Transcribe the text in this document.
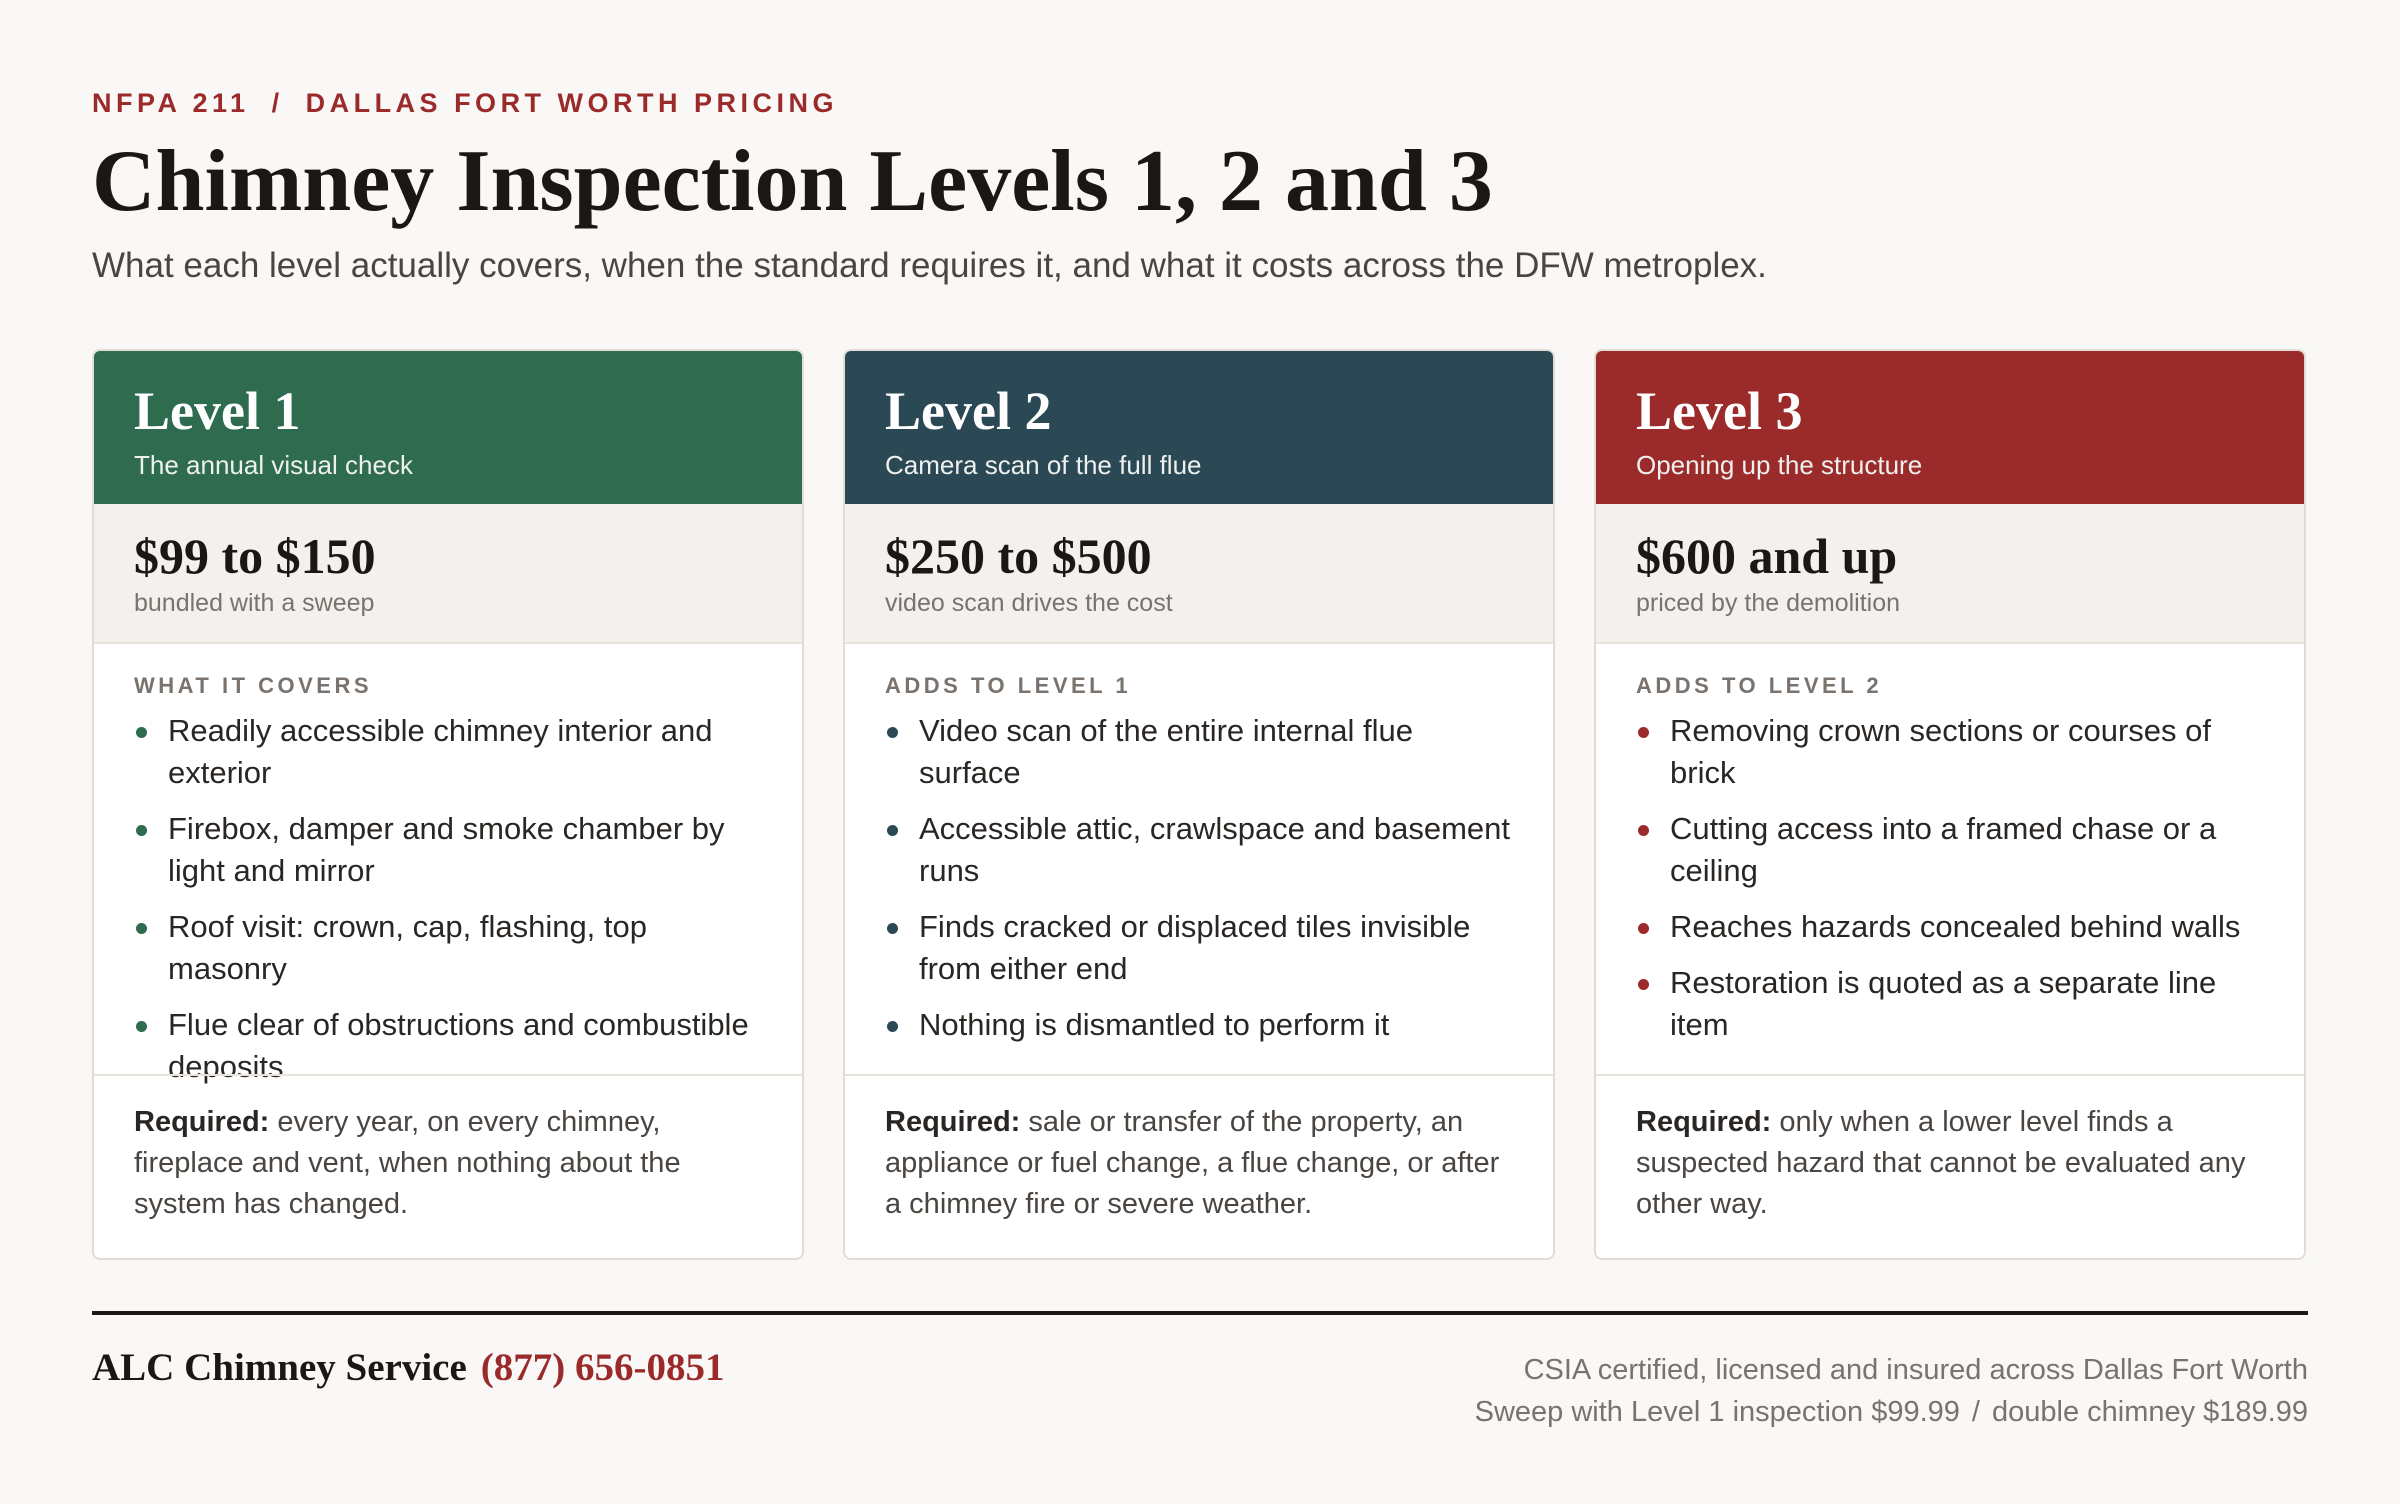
NFPA 211 / DALLAS FORT WORTH PRICING
Chimney Inspection Levels 1, 2 and 3

What each level actually covers, when the standard requires it, and what it costs across the DFW metroplex.

Level 1
The annual visual check
$99 to $150
bundled with a sweep
WHAT IT COVERS
Readily accessible chimney interior and exterior
Firebox, damper and smoke chamber by light and mirror
Roof visit: crown, cap, flashing, top masonry
Flue clear of obstructions and combustible deposits
Required: every year, on every chimney, fireplace and vent, when nothing about the system has changed.
Level 2
Camera scan of the full flue
$250 to $500
video scan drives the cost
ADDS TO LEVEL 1
Video scan of the entire internal flue surface
Accessible attic, crawlspace and basement runs
Finds cracked or displaced tiles invisible from either end
Nothing is dismantled to perform it
Required: sale or transfer of the property, an appliance or fuel change, a flue change, or after a chimney fire or severe weather.
Level 3
Opening up the structure
$600 and up
priced by the demolition
ADDS TO LEVEL 2
Removing crown sections or courses of brick
Cutting access into a framed chase or a ceiling
Reaches hazards concealed behind walls
Restoration is quoted as a separate line item
Required: only when a lower level finds a suspected hazard that cannot be evaluated any other way.
ALC Chimney Service (877) 656-0851	CSIA certified, licensed and insured across Dallas Fort Worth
Sweep with Level 1 inspection $99.99 / double chimney $189.99
